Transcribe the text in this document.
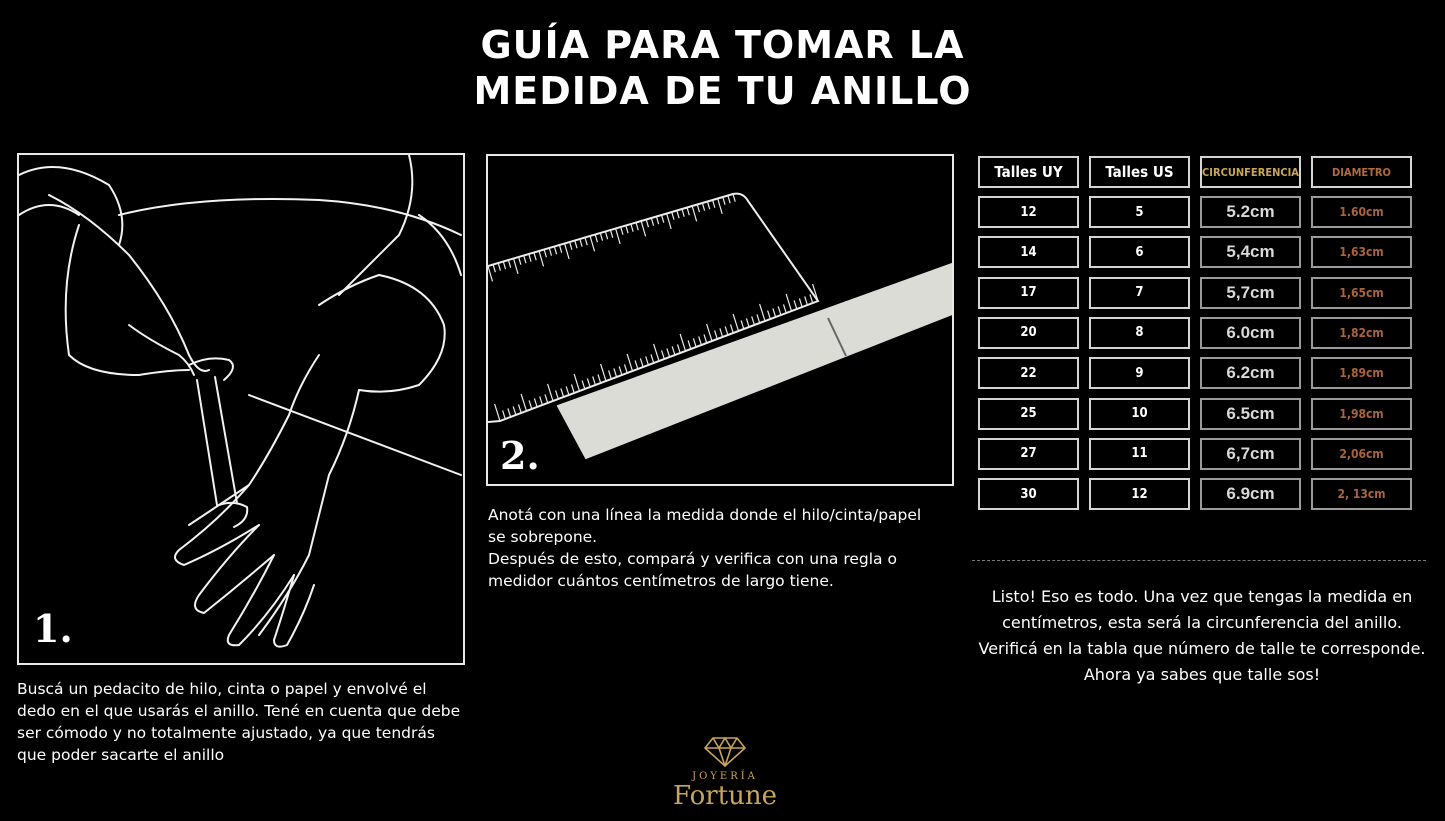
GUÍA PARA TOMAR LA
MEDIDA DE TU ANILLO
1.
Buscá un pedacito de hilo, cinta o papel y envolvé el dedo en el que usarás el anillo. Tené en cuenta que debe ser cómodo y no totalmente ajustado, ya que tendrás que poder sacarte el anillo
2.
Anotá con una línea la medida donde el hilo/cinta/papel
se sobrepone.
Después de esto, compará y verifica con una regla o
medidor cuántos centímetros de largo tiene.
Talles UY	Talles US	CIRCUNFERENCIA	DIAMETRO
12	5	5.2cm	1.60cm
14	6	5,4cm	1,63cm
17	7	5,7cm	1,65cm
20	8	6.0cm	1,82cm
22	9	6.2cm	1,89cm
25	10	6.5cm	1,98cm
27	11	6,7cm	2,06cm
30	12	6.9cm	2, 13cm
Listo! Eso es todo. Una vez que tengas la medida en
centímetros, esta será la circunferencia del anillo.
Verificá en la tabla que número de talle te corresponde.
Ahora ya sabes que talle sos!
JOYERÍA
Fortune
